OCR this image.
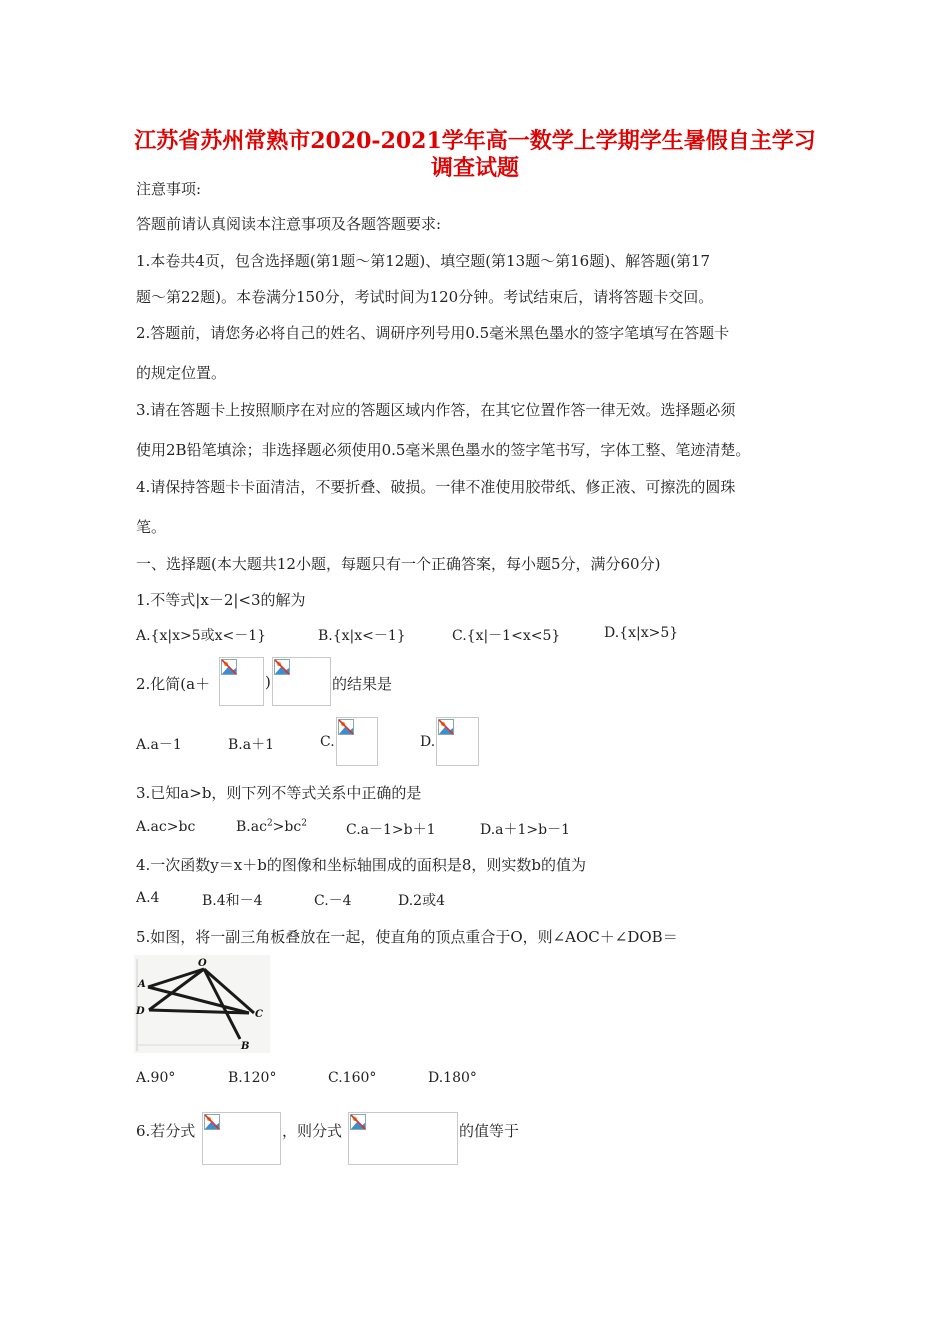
江苏省苏州常熟市2020-2021学年高一数学上学期学生暑假自主学习
调查试题
注意事项:
答题前请认真阅读本注意事项及各题答题要求:
1.本卷共4页，包含选择题(第1题～第12题)、填空题(第13题～第16题)、解答题(第17
题～第22题)。本卷满分150分，考试时间为120分钟。考试结束后，请将答题卡交回。
2.答题前，请您务必将自己的姓名、调研序列号用0.5毫米黑色墨水的签字笔填写在答题卡
的规定位置。
3.请在答题卡上按照顺序在对应的答题区域内作答，在其它位置作答一律无效。选择题必须
使用2B铅笔填涂；非选择题必须使用0.5毫米黑色墨水的签字笔书写，字体工整、笔迹清楚。
4.请保持答题卡卡面清洁，不要折叠、破损。一律不准使用胶带纸、修正液、可擦洗的圆珠
笔。
一、选择题(本大题共12小题，每题只有一个正确答案，每小题5分，满分60分)
1.不等式|x－2|<3的解为
A.{x|x>5或x<－1}	B.{x|x<－1}	C.{x|－1<x<5}	D.{x|x>5}
2.化简(a＋	)	的结果是
A.a－1	B.a＋1	C.	D.
3.已知a>b，则下列不等式关系中正确的是
A.ac>bc	$B.ac^2>bc^2$	C.a－1>b＋1	D.a＋1>b－1
4.一次函数y＝x＋b的图像和坐标轴围成的面积是8，则实数b的值为
A.4	B.4和－4	C.－4	D.2或4
5.如图，将一副三角板叠放在一起，使直角的顶点重合于O，则∠AOC＋∠DOB＝
O
A
D	C
B
A.90°	B.120°	C.160°	D.180°
6.若分式	，则分式	的值等于
